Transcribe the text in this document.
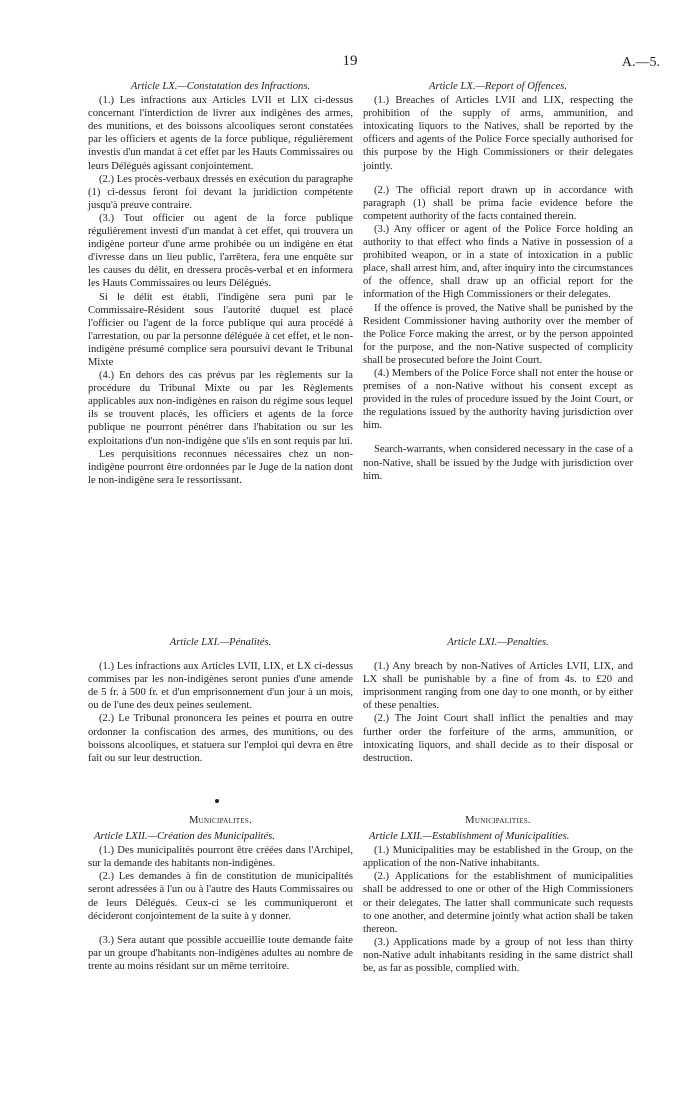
19	A.—5.
Article LX.—Constatation des Infractions.

(1.) Les infractions aux Articles LVII et LIX ci-dessus concernant l'interdiction de livrer aux indigènes des armes, des munitions, et des boissons alcooliques seront constatées par les officiers et agents de la force publique, régulièrement investis d'un mandat à cet effet par les Hauts Commissaires ou leurs Délégués agissant conjointement.

(2.) Les procès-verbaux dressés en exécution du paragraphe (1) ci-dessus feront foi devant la juridiction compétente jusqu'à preuve contraire.

(3.) Tout officier ou agent de la force publique régulièrement investi d'un mandat à cet effet, qui trouvera un indigène porteur d'une arme prohibée ou un indigène en état d'ivresse dans un lieu public, l'arrêtera, fera une enquête sur les causes du délit, en dressera procès-verbal et en informera les Hauts Commissaires ou leurs Délégués.

Si le délit est établi, l'indigène sera puni par le Commissaire-Résident sous l'autorité duquel est placé l'officier ou l'agent de la force publique qui aura procédé à l'arrestation, ou par la personne déléguée à cet effet, et le non-indigène présumé complice sera poursuivi devant le Tribunal Mixte

(4.) En dehors des cas prévus par les règlements sur la procédure du Tribunal Mixte ou par les Règlements applicables aux non-indigènes en raison du régime sous lequel ils se trouvent placés, les officiers et agents de la force publique ne pourront pénétrer dans l'habitation ou sur les exploitations d'un non-indigène que s'ils en sont requis par lui.

Les perquisitions reconnues nécessaires chez un non-indigène pourront être ordonnées par le Juge de la nation dont le non-indigène sera le ressortissant.

Article LX.—Report of Offences.

(1.) Breaches of Articles LVII and LIX, respecting the prohibition of the supply of arms, ammunition, and intoxicating liquors to the Natives, shall be reported by the officers and agents of the Police Force specially authorised for this purpose by the High Commissioners or their delegates jointly.

(2.) The official report drawn up in accordance with paragraph (1) shall be prima facie evidence before the competent authority of the facts contained therein.

(3.) Any officer or agent of the Police Force holding an authority to that effect who finds a Native in possession of a prohibited weapon, or in a state of intoxication in a public place, shall arrest him, and, after inquiry into the circumstances of the offence, shall draw up an official report for the information of the High Commissioners or their delegates.

If the offence is proved, the Native shall be punished by the Resident Commissioner having authority over the member of the Police Force making the arrest, or by the person appointed for the purpose, and the non-Native suspected of complicity shall be prosecuted before the Joint Court.

(4.) Members of the Police Force shall not enter the house or premises of a non-Native without his consent except as provided in the rules of procedure issued by the Joint Court, or the regulations issued by the authority having jurisdiction over him.

Search-warrants, when considered necessary in the case of a non-Native, shall be issued by the Judge with jurisdiction over him.

Article LXI.—Pénalités.

(1.) Les infractions aux Articles LVII, LIX, et LX ci-dessus commises par les non-indigènes seront punies d'une amende de 5 fr. à 500 fr. et d'un emprisonnement d'un jour à un mois, ou de l'une des deux peines seulement.

(2.) Le Tribunal prononcera les peines et pourra en outre ordonner la confiscation des armes, des munitions, ou des boissons alcooliques, et statuera sur l'emploi qui devra en être fait ou sur leur destruction.

Article LXI.—Penalties.

(1.) Any breach by non-Natives of Articles LVII, LIX, and LX shall be punishable by a fine of from 4s. to £20 and imprisonment ranging from one day to one month, or by either of these penalties.

(2.) The Joint Court shall inflict the penalties and may further order the forfeiture of the arms, ammunition, or intoxicating liquors, and shall decide as to their disposal or destruction.

Municipalites.
Article LXII.—Création des Municipalités.

(1.) Des municipalités pourront être créées dans l'Archipel, sur la demande des habitants non-indigènes.

(2.) Les demandes à fin de constitution de municipalités seront adressées à l'un ou à l'autre des Hauts Commissaires ou de leurs Délégués. Ceux-ci se les communiqueront et décideront conjointement de la suite à y donner.

(3.) Sera autant que possible accueillie toute demande faite par un groupe d'habitants non-indigènes adultes au nombre de trente au moins résidant sur un même territoire.

Municipalities.
Article LXII.—Establishment of Municipalities.

(1.) Municipalities may be established in the Group, on the application of the non-Native inhabitants.

(2.) Applications for the establishment of municipalities shall be addressed to one or other of the High Commissioners or their delegates. The latter shall communicate such requests to one another, and determine jointly what action shall be taken thereon.

(3.) Applications made by a group of not less than thirty non-Native adult inhabitants residing in the same district shall be, as far as possible, complied with.
